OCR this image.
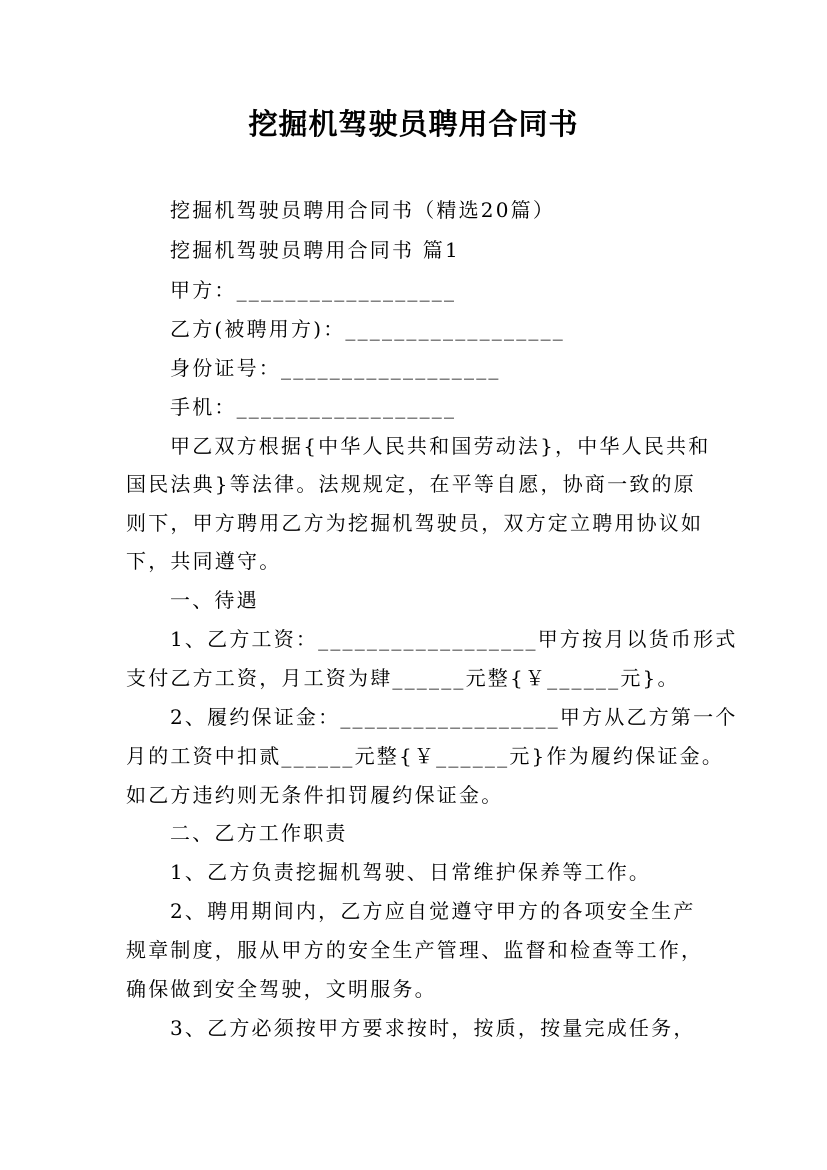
挖掘机驾驶员聘用合同书
挖掘机驾驶员聘用合同书（精选20篇）
挖掘机驾驶员聘用合同书 篇1
甲方：__________________
乙方(被聘用方)：__________________
身份证号：__________________
手机：__________________
甲乙双方根据{中华人民共和国劳动法}，中华人民共和
国民法典}等法律。法规规定，在平等自愿，协商一致的原
则下，甲方聘用乙方为挖掘机驾驶员，双方定立聘用协议如
下，共同遵守。
一、待遇
1、乙方工资：__________________甲方按月以货币形式
支付乙方工资，月工资为肆______元整{￥______元}。
2、履约保证金：__________________甲方从乙方第一个
月的工资中扣贰______元整{￥______元}作为履约保证金。
如乙方违约则无条件扣罚履约保证金。
二、乙方工作职责
1、乙方负责挖掘机驾驶、日常维护保养等工作。
2、聘用期间内，乙方应自觉遵守甲方的各项安全生产
规章制度，服从甲方的安全生产管理、监督和检查等工作，
确保做到安全驾驶，文明服务。
3、乙方必须按甲方要求按时，按质，按量完成任务，
